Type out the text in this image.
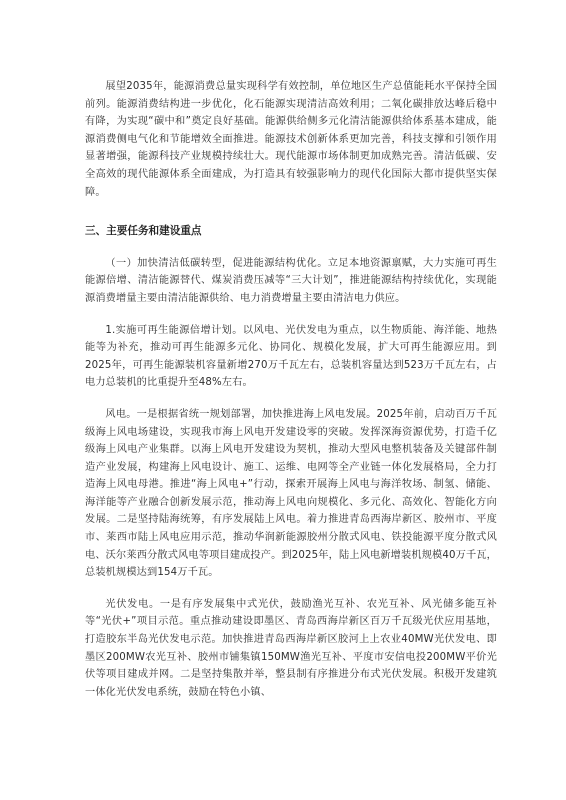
展望2035年，能源消费总量实现科学有效控制，单位地区生产总值能耗水平保持全国前列。能源消费结构进一步优化，化石能源实现清洁高效利用；二氧化碳排放达峰后稳中有降，为实现“碳中和”奠定良好基础。能源供给侧多元化清洁能源供给体系基本建成，能源消费侧电气化和节能增效全面推进。能源技术创新体系更加完善，科技支撑和引领作用显著增强，能源科技产业规模持续壮大。现代能源市场体制更加成熟完善。清洁低碳、安全高效的现代能源体系全面建成，为打造具有较强影响力的现代化国际大都市提供坚实保障。

三、主要任务和建设重点

（一）加快清洁低碳转型，促进能源结构优化。立足本地资源禀赋，大力实施可再生能源倍增、清洁能源替代、煤炭消费压减等“三大计划”，推进能源结构持续优化，实现能源消费增量主要由清洁能源供给、电力消费增量主要由清洁电力供应。

1.实施可再生能源倍增计划。以风电、光伏发电为重点，以生物质能、海洋能、地热能等为补充，推动可再生能源多元化、协同化、规模化发展，扩大可再生能源应用。到2025年，可再生能源装机容量新增270万千瓦左右，总装机容量达到523万千瓦左右，占电力总装机的比重提升至48%左右。

风电。一是根据省统一规划部署，加快推进海上风电发展。2025年前，启动百万千瓦级海上风电场建设，实现我市海上风电开发建设零的突破。发挥深海资源优势，打造千亿级海上风电产业集群。以海上风电开发建设为契机，推动大型风电整机装备及关键部件制造产业发展，构建海上风电设计、施工、运维、电网等全产业链一体化发展格局，全力打造海上风电母港。推进“海上风电+”行动，探索开展海上风电与海洋牧场、制氢、储能、海洋能等产业融合创新发展示范，推动海上风电向规模化、多元化、高效化、智能化方向发展。二是坚持陆海统筹，有序发展陆上风电。着力推进青岛西海岸新区、胶州市、平度市、莱西市陆上风电应用示范，推动华润新能源胶州分散式风电、铁投能源平度分散式风电、沃尔莱西分散式风电等项目建成投产。到2025年，陆上风电新增装机规模40万千瓦，总装机规模达到154万千瓦。

光伏发电。一是有序发展集中式光伏，鼓励渔光互补、农光互补、风光储多能互补等“光伏+”项目示范。重点推动建设即墨区、青岛西海岸新区百万千瓦级光伏应用基地，打造胶东半岛光伏发电示范。加快推进青岛西海岸新区胶河上上农业40MW光伏发电、即墨区200MW农光互补、胶州市铺集镇150MW渔光互补、平度市安信电投200MW平价光伏等项目建成并网。二是坚持集散并举，整县制有序推进分布式光伏发展。积极开发建筑一体化光伏发电系统，鼓励在特色小镇、
